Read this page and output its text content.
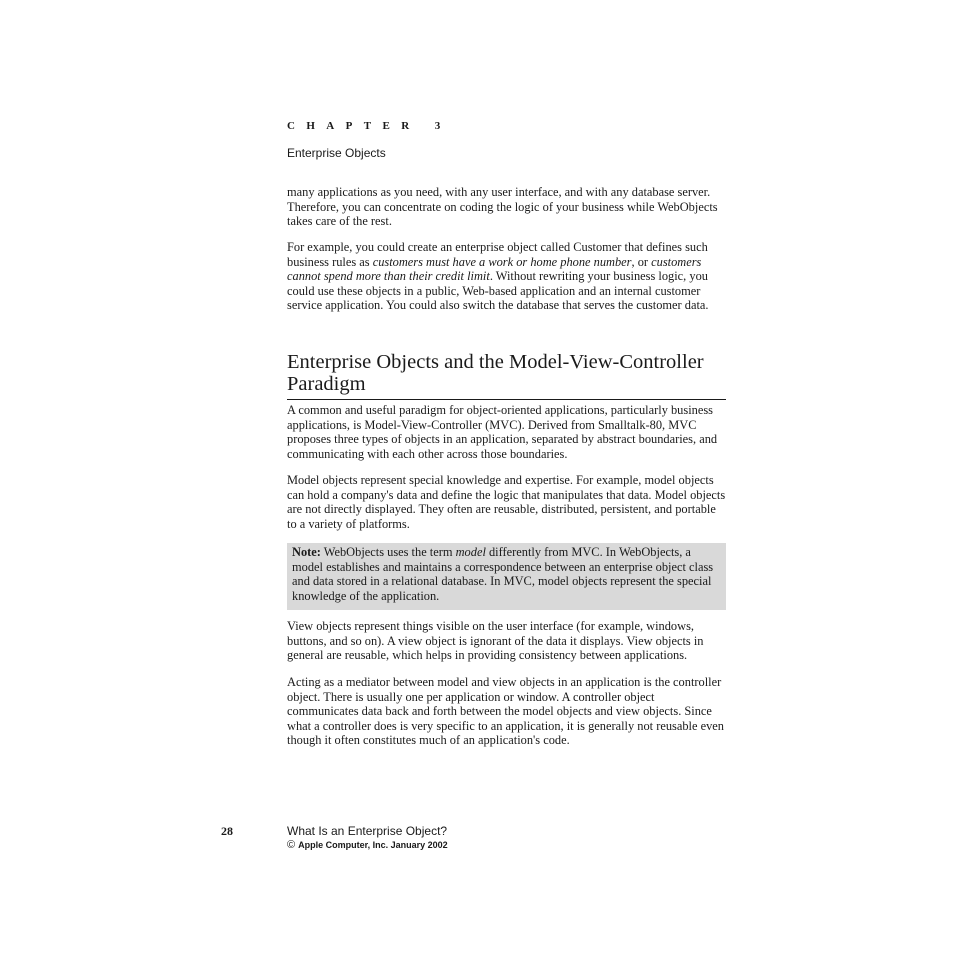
CHAPTER 3
Enterprise Objects

many applications as you need, with any user interface, and with any database server. Therefore, you can concentrate on coding the logic of your business while WebObjects takes care of the rest.

For example, you could create an enterprise object called Customer that defines such business rules as customers must have a work or home phone number, or customers cannot spend more than their credit limit. Without rewriting your business logic, you could use these objects in a public, Web-based application and an internal customer service application. You could also switch the database that serves the customer data.

Enterprise Objects and the Model-View-Controller Paradigm

A common and useful paradigm for object-oriented applications, particularly business applications, is Model-View-Controller (MVC). Derived from Smalltalk-80, MVC proposes three types of objects in an application, separated by abstract boundaries, and communicating with each other across those boundaries.

Model objects represent special knowledge and expertise. For example, model objects can hold a company's data and define the logic that manipulates that data. Model objects are not directly displayed. They often are reusable, distributed, persistent, and portable to a variety of platforms.

Note: WebObjects uses the term model differently from MVC. In WebObjects, a model establishes and maintains a correspondence between an enterprise object class and data stored in a relational database. In MVC, model objects represent the special knowledge of the application.

View objects represent things visible on the user interface (for example, windows, buttons, and so on). A view object is ignorant of the data it displays. View objects in general are reusable, which helps in providing consistency between applications.

Acting as a mediator between model and view objects in an application is the controller object. There is usually one per application or window. A controller object communicates data back and forth between the model objects and view objects. Since what a controller does is very specific to an application, it is generally not reusable even though it often constitutes much of an application's code.

28	What Is an Enterprise Object?
© Apple Computer, Inc. January 2002
